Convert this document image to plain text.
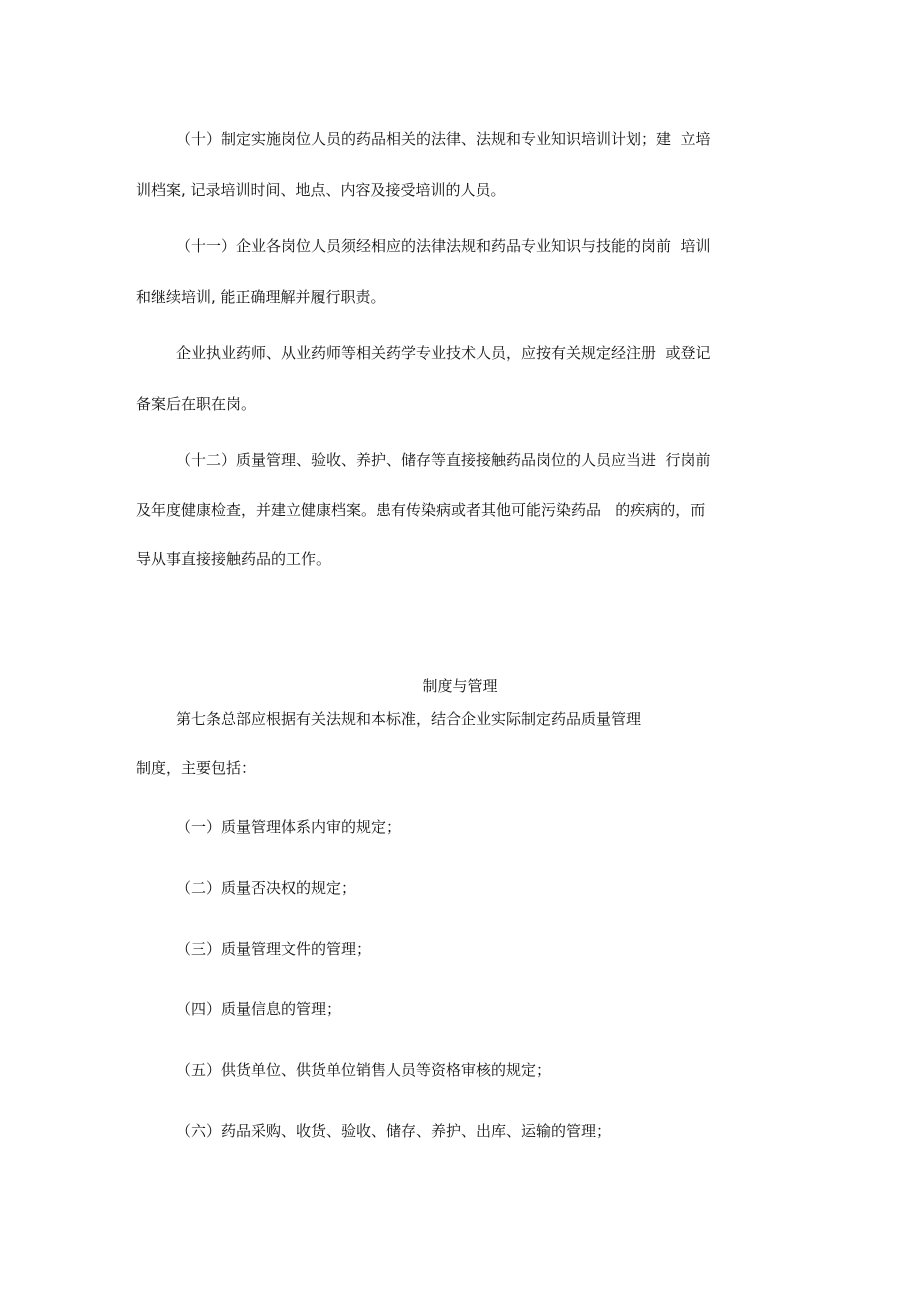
（十）制定实施岗位人员的药品相关的法律、法规和专业知识培训计划；建  立培
训档案, 记录培训时间、地点、内容及接受培训的人员。
（十一）企业各岗位人员须经相应的法律法规和药品专业知识与技能的岗前  培训
和继续培训, 能正确理解并履行职责。
企业执业药师、从业药师等相关药学专业技术人员，应按有关规定经注册  或登记
备案后在职在岗。
（十二）质量管理、验收、养护、储存等直接接触药品岗位的人员应当进  行岗前
及年度健康检查，并建立健康档案。患有传染病或者其他可能污染药品   的疾病的，而
导从事直接接触药品的工作。
制度与管理
第七条总部应根据有关法规和本标准，结合企业实际制定药品质量管理
制度，主要包括：
（一）质量管理体系内审的规定；
（二）质量否决权的规定；
（三）质量管理文件的管理；
（四）质量信息的管理；
（五）供货单位、供货单位销售人员等资格审核的规定；
（六）药品采购、收货、验收、储存、养护、出库、运输的管理；
